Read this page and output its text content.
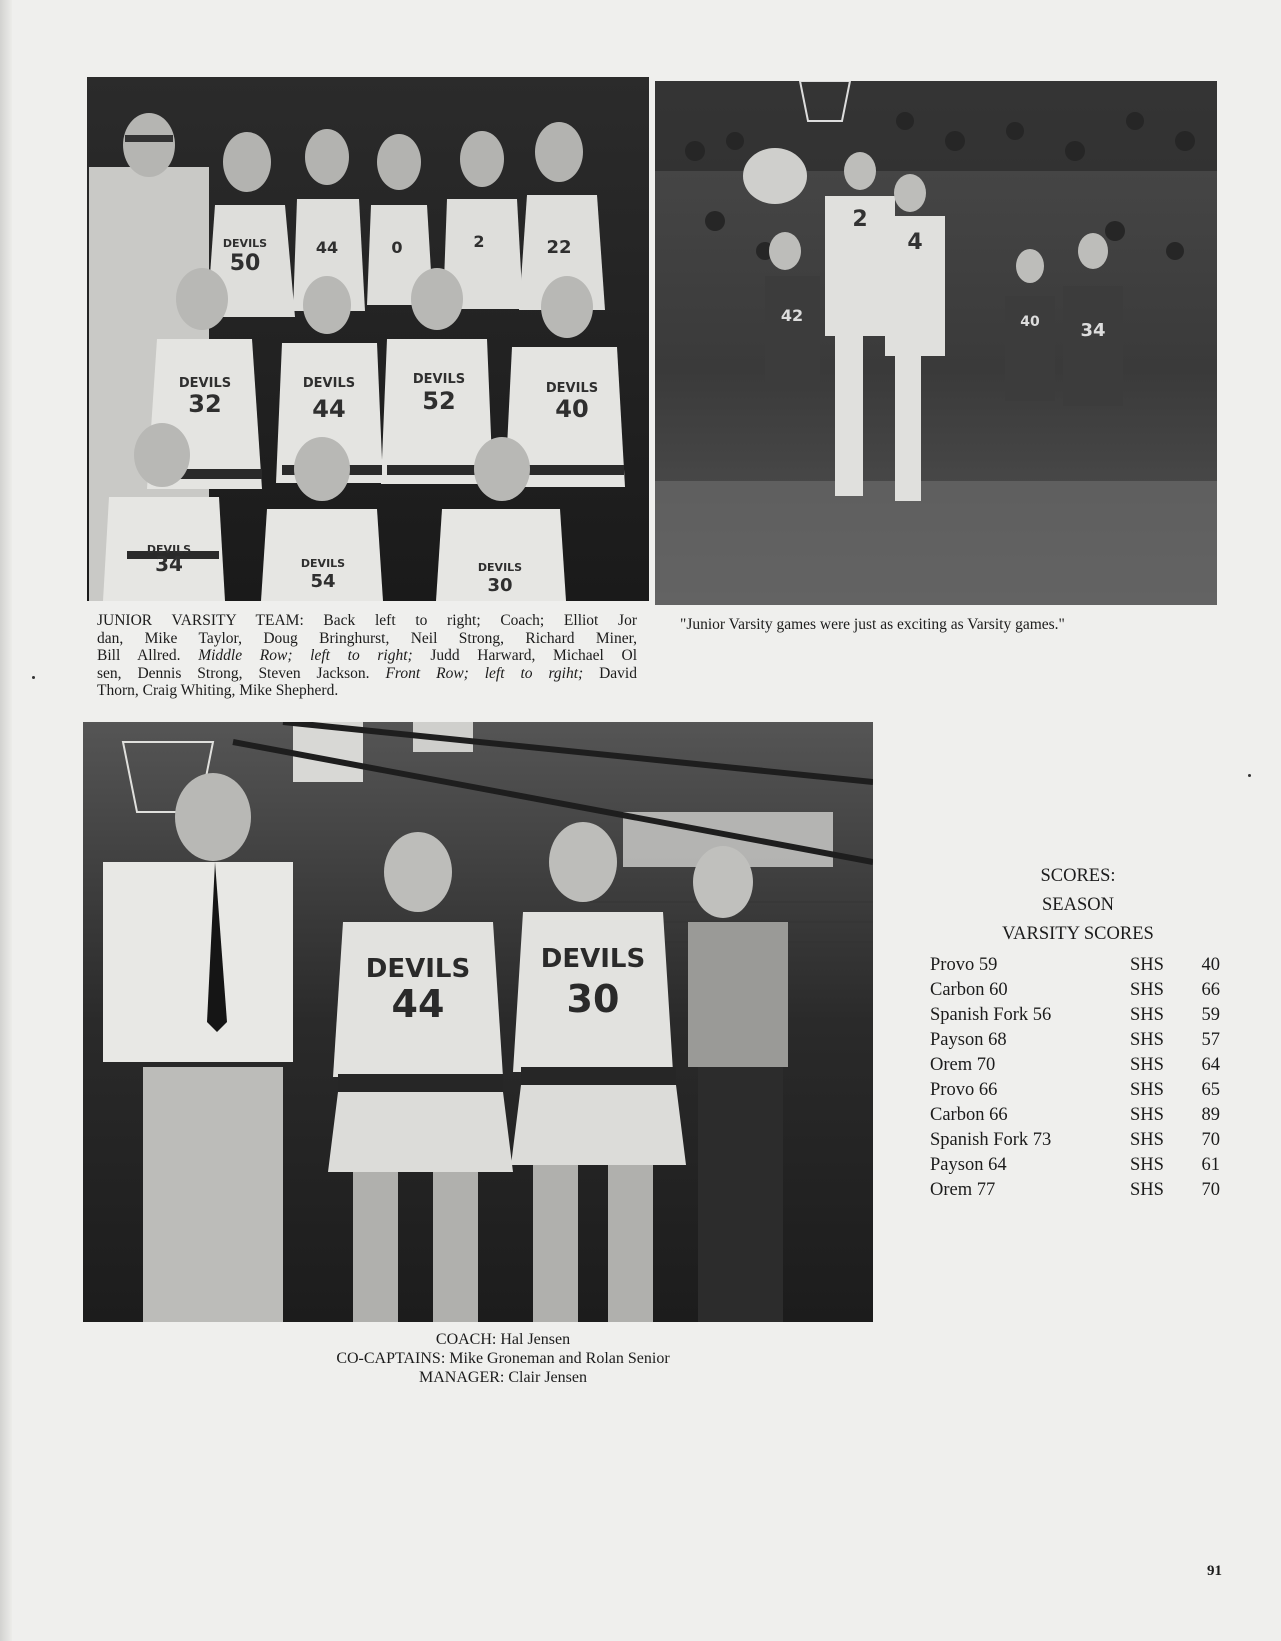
DEVILS
50
44	0	2	22
DEVILS
32
DEVILS
44
DEVILS
52	DEVILS
40
DEVILS
34	DEVILS
54
DEVILS
30
2
4
42	40 34

JUNIOR VARSITY TEAM: Back left to right; Coach; Elliot Jor
dan, Mike Taylor, Doug Bringhurst, Neil Strong, Richard Miner,
Bill Allred. Middle Row; left to right; Judd Harward, Michael Ol
sen, Dennis Strong, Steven Jackson. Front Row; left to rgiht; David
Thorn, Craig Whiting, Mike Shepherd.

"Junior Varsity games were just as exciting as Varsity games."

DEVILS
44
DEVILS
30
COACH: Hal Jensen
CO-CAPTAINS: Mike Groneman and Rolan Senior
MANAGER: Clair Jensen
SCORES:
SEASON
VARSITY SCORES
Provo 59	SHS	40
Carbon 60	SHS	66
Spanish Fork 56	SHS	59
Payson 68	SHS	57
Orem 70	SHS	64
Provo 66	SHS	65
Carbon 66	SHS	89
Spanish Fork 73	SHS	70
Payson 64	SHS	61
Orem 77	SHS	70
91
